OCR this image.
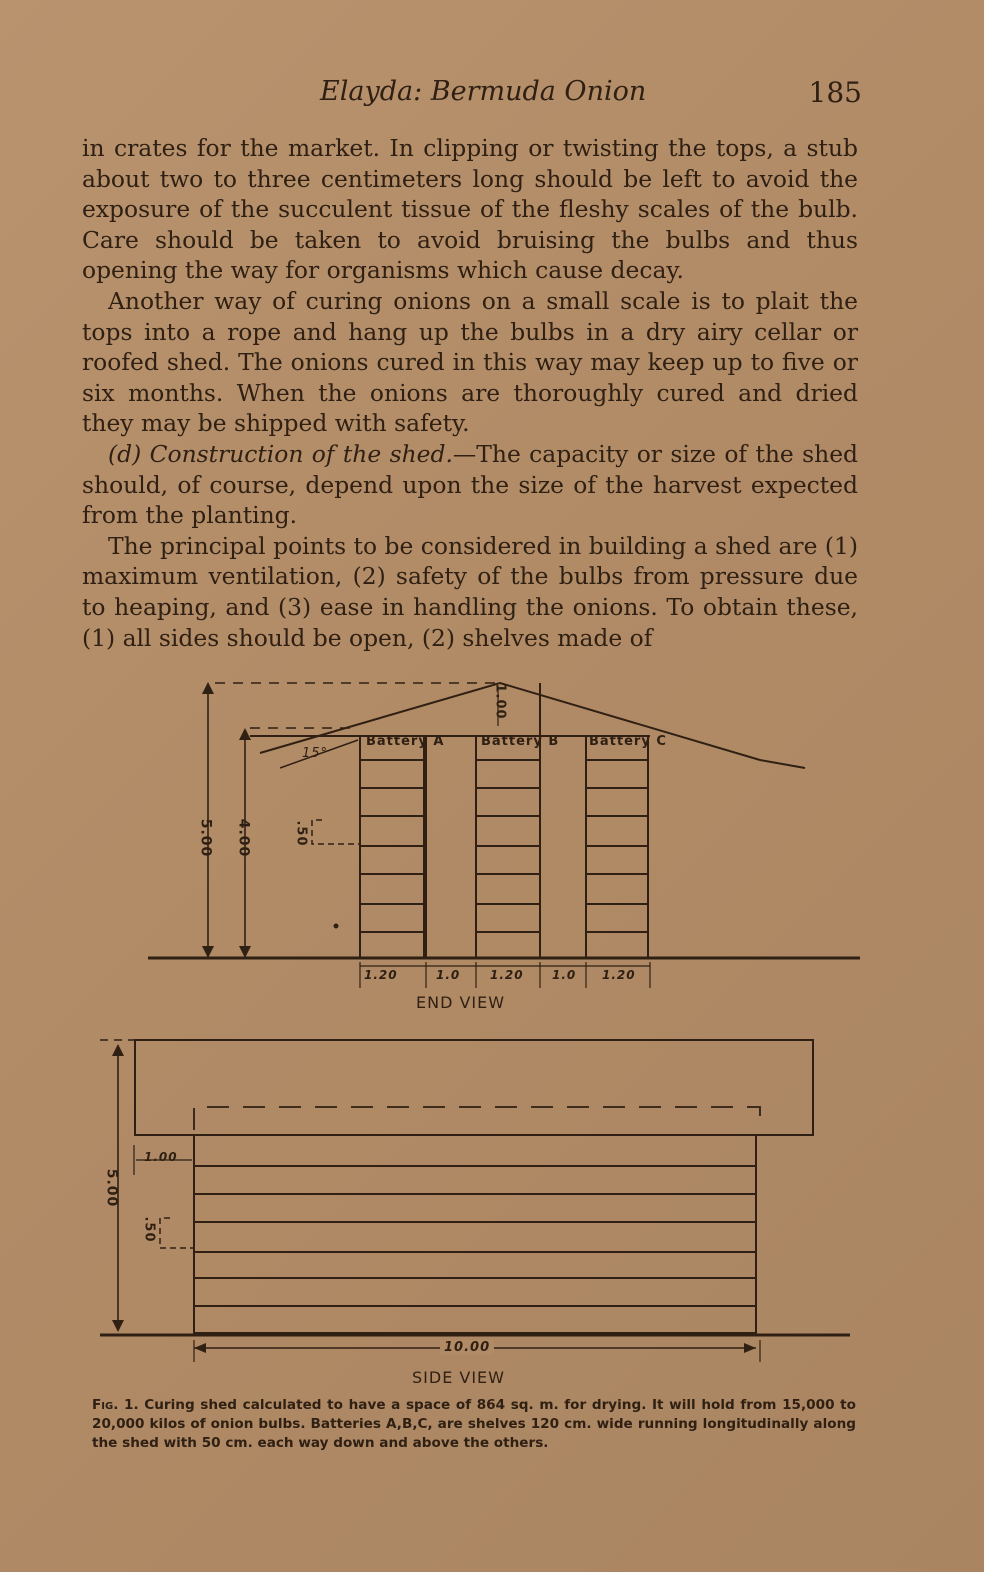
Elayda: Bermuda Onion	185

in crates for the market. In clipping or twisting the tops, a stub about two to three centimeters long should be left to avoid the exposure of the succulent tissue of the fleshy scales of the bulb. Care should be taken to avoid bruising the bulbs and thus opening the way for organisms which cause decay.

Another way of curing onions on a small scale is to plait the tops into a rope and hang up the bulbs in a dry airy cellar or roofed shed. The onions cured in this way may keep up to five or six months. When the onions are thoroughly cured and dried they may be shipped with safety.

(d) Construction of the shed.—The capacity or size of the shed should, of course, depend upon the size of the harvest expected from the planting.

The principal points to be considered in building a shed are (1) maximum ventilation, (2) safety of the bulbs from pressure due to heaping, and (3) ease in handling the onions. To obtain these, (1) all sides should be open, (2) shelves made of

Battery A	Battery B Battery C
15°
1.00
5.00 4.00	.50
1.20	1.0 1.20 1.0 1.20
END VIEW
5.00
1.00
.50
10.00
SIDE VIEW
Fig. 1. Curing shed calculated to have a space of 864 sq. m. for drying. It will hold from 15,000 to 20,000 kilos of onion bulbs. Batteries A,B,C, are shelves 120 cm. wide running longitudinally along the shed with 50 cm. each way down and above the others.
